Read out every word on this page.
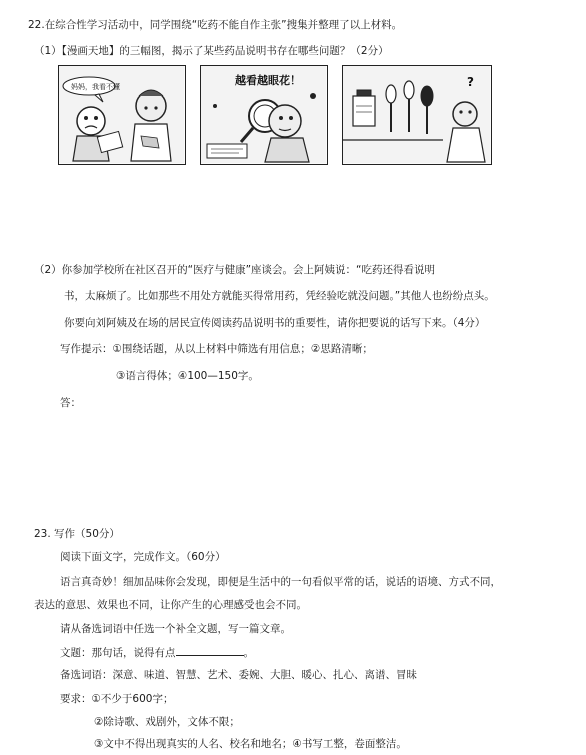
22.在综合性学习活动中，同学围绕“吃药不能自作主张”搜集并整理了以上材料。
（1）【漫画天地】的三幅图，揭示了某些药品说明书存在哪些问题？（2分）
妈妈，我看不懂	越看越眼花！	?
（2）你参加学校所在社区召开的“医疗与健康”座谈会。会上阿姨说：“吃药还得看说明
书，太麻烦了。比如那些不用处方就能买得常用药，凭经验吃就没问题。”其他人也纷纷点头。
你要向刘阿姨及在场的居民宣传阅读药品说明书的重要性，请你把要说的话写下来。（4分）
写作提示：①围绕话题，从以上材料中筛选有用信息；②思路清晰；
③语言得体；④100—150字。
答：
23. 写作（50分）
阅读下面文字，完成作文。（60分）
语言真奇妙！细加品味你会发现，即便是生活中的一句看似平常的话，说话的语境、方式不同，
表达的意思、效果也不同，让你产生的心理感受也会不同。
请从备选词语中任选一个补全文题，写一篇文章。
文题：那句话，说得有点	。
备选词语：深意、味道、智慧、艺术、委婉、大胆、暖心、扎心、离谱、冒昧
要求：①不少于600字；
②除诗歌、戏剧外，文体不限；
③文中不得出现真实的人名、校名和地名；④书写工整，卷面整洁。
